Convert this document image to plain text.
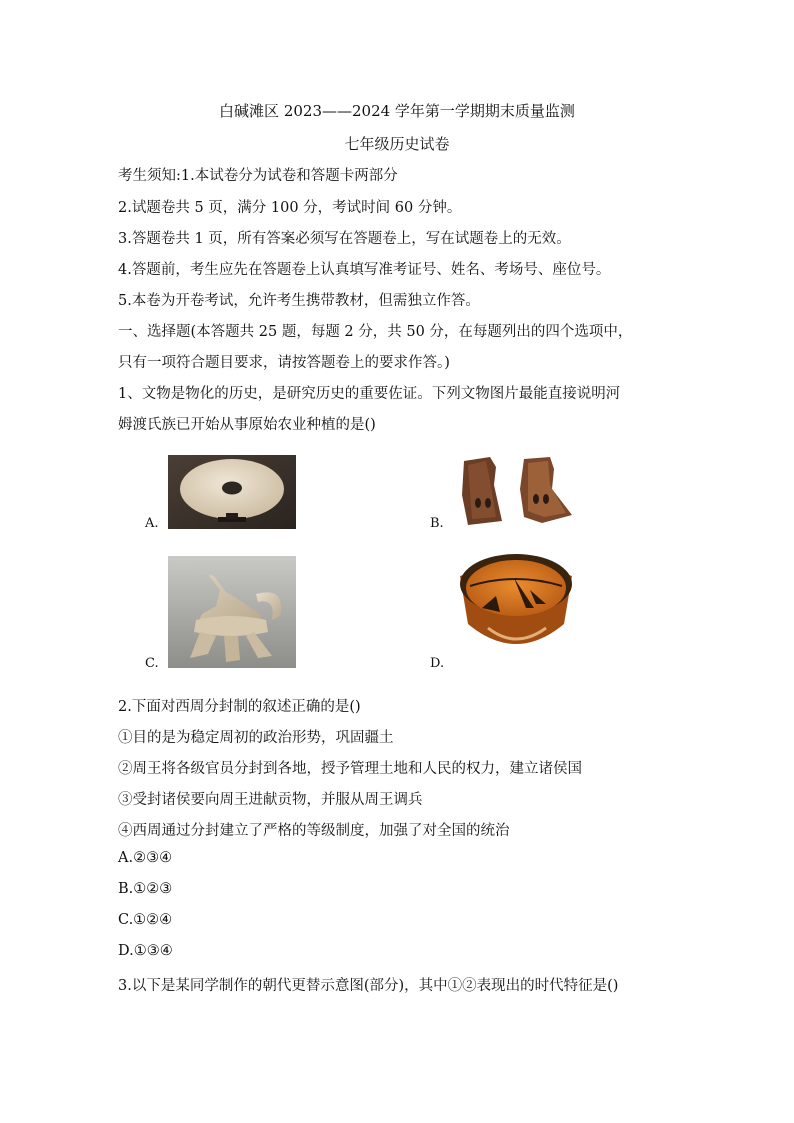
白碱滩区 2023——2024 学年第一学期期末质量监测
七年级历史试卷
考生须知:1.本试卷分为试卷和答题卡两部分
2.试题卷共 5 页，满分 100 分，考试时间 60 分钟。
3.答题卷共 1 页，所有答案必须写在答题卷上，写在试题卷上的无效。
4.答题前，考生应先在答题卷上认真填写准考证号、姓名、考场号、座位号。
5.本卷为开卷考试，允许考生携带教材，但需独立作答。
一、选择题(本答题共 25 题，每题 2 分，共 50 分，在每题列出的四个选项中，
只有一项符合题目要求，请按答题卷上的要求作答。)
1、文物是物化的历史，是研究历史的重要佐证。下列文物图片最能直接说明河
姆渡氏族已开始从事原始农业种植的是()
A.	B.
C.	D.
2.下面对西周分封制的叙述正确的是()
①目的是为稳定周初的政治形势，巩固疆土
②周王将各级官员分封到各地，授予管理土地和人民的权力，建立诸侯国
③受封诸侯要向周王进献贡物，并服从周王调兵
④西周通过分封建立了严格的等级制度，加强了对全国的统治
A.②③④
B.①②③
C.①②④
D.①③④
3.以下是某同学制作的朝代更替示意图(部分)，其中①②表现出的时代特征是()
